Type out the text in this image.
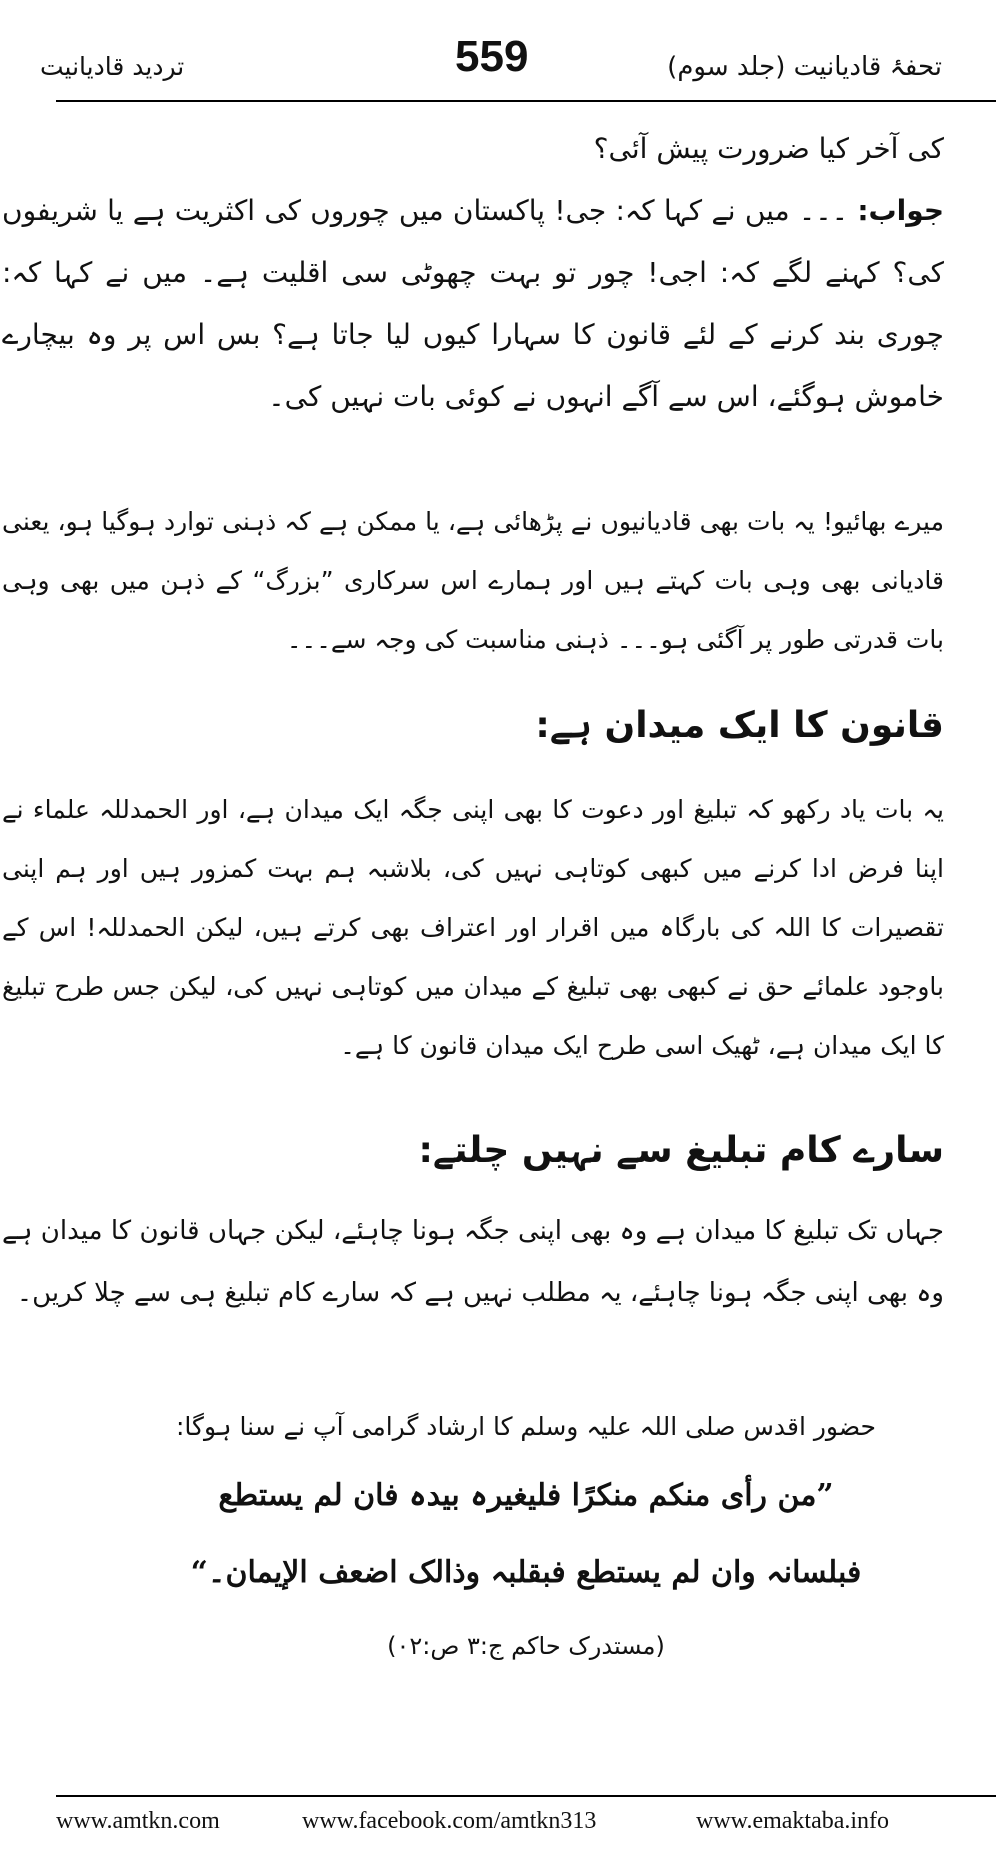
تحفۂ قادیانیت (جلد سوم)
559
تردید قادیانیت
کی آخر کیا ضرورت پیش آئی؟
جواب: ۔۔۔ میں نے کہا کہ: جی! پاکستان میں چوروں کی اکثریت ہے یا شریفوں کی؟ کہنے لگے کہ: اجی! چور تو بہت چھوٹی سی اقلیت ہے۔ میں نے کہا کہ: چوری بند کرنے کے لئے قانون کا سہارا کیوں لیا جاتا ہے؟ بس اس پر وہ بیچارے خاموش ہوگئے، اس سے آگے انہوں نے کوئی بات نہیں کی۔
میرے بھائیو! یہ بات بھی قادیانیوں نے پڑھائی ہے، یا ممکن ہے کہ ذہنی توارد ہوگیا ہو، یعنی قادیانی بھی وہی بات کہتے ہیں اور ہمارے اس سرکاری ”بزرگ“ کے ذہن میں بھی وہی بات قدرتی طور پر آگئی ہو۔۔۔ ذہنی مناسبت کی وجہ سے۔۔۔
قانون کا ایک میدان ہے:
یہ بات یاد رکھو کہ تبلیغ اور دعوت کا بھی اپنی جگہ ایک میدان ہے، اور الحمدللہ علماء نے اپنا فرض ادا کرنے میں کبھی کوتاہی نہیں کی، بلاشبہ ہم بہت کمزور ہیں اور ہم اپنی تقصیرات کا اللہ کی بارگاہ میں اقرار اور اعتراف بھی کرتے ہیں، لیکن الحمدللہ! اس کے باوجود علمائے حق نے کبھی بھی تبلیغ کے میدان میں کوتاہی نہیں کی، لیکن جس طرح تبلیغ کا ایک میدان ہے، ٹھیک اسی طرح ایک میدان قانون کا ہے۔
سارے کام تبلیغ سے نہیں چلتے:
جہاں تک تبلیغ کا میدان ہے وہ بھی اپنی جگہ ہونا چاہئے، لیکن جہاں قانون کا میدان ہے وہ بھی اپنی جگہ ہونا چاہئے، یہ مطلب نہیں ہے کہ سارے کام تبلیغ ہی سے چلا کریں۔
حضور اقدس صلی اللہ علیہ وسلم کا ارشاد گرامی آپ نے سنا ہوگا:
”من رأی منکم منکرًا فلیغیرہ بیدہ فان لم یستطع
فبلسانہ وان لم یستطع فبقلبہ وذالک اضعف الإیمان۔“
(مستدرک حاکم ج:۳ ص:۰۲)
www.amtkn.com	www.facebook.com/amtkn313	www.emaktaba.info
